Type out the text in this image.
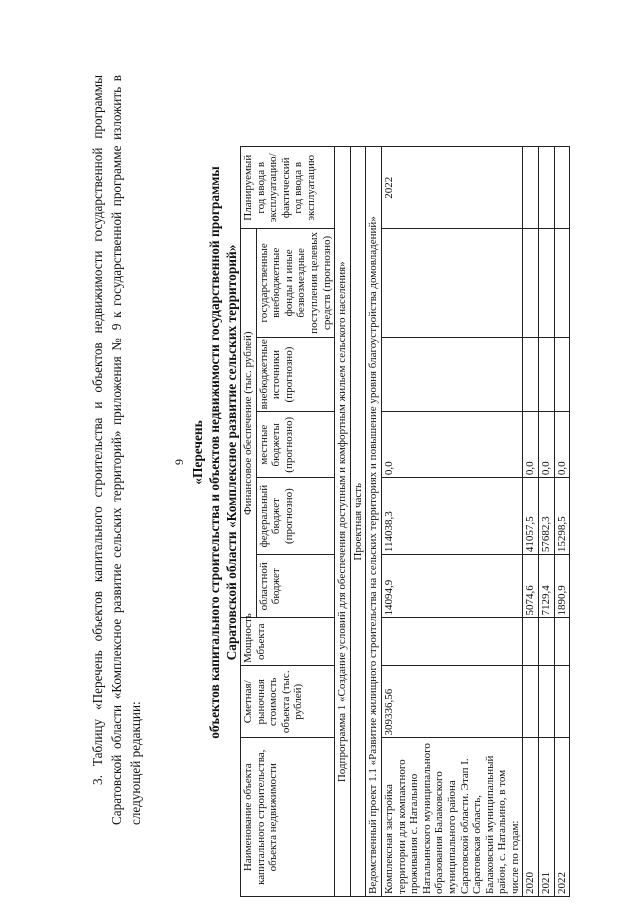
9

3. Таблицу «Перечень объектов капитального строительства и объектов недвижимости государственной программы Саратовской области «Комплексное развитие сельских территорий» приложения № 9 к государственной программе изложить в следующей редакции:

«Перечень объектов капитального строительства и объектов недвижимости государственной программы Саратовской области «Комплексное развитие сельских территорий»
Наименование объекта капитального строительства, объекта недвижимости	Сметная/ рыночная стоимость объекта (тыс. рублей)	Мощность объекта	Финансовое обеспечение (тыс. рублей)					Планируемый год ввода в эксплуатацию/ фактический год ввода в эксплуатацию	
			областной бюджет	федеральный бюджет (прогнозно)	местные бюджеты (прогнозно)	внебюджетные источники (прогнозно)	государственные внебюджетные фонды и иные безвозмездные поступления целевых средств (прогнозно)		
Подпрограмма 1 «Создание условий для обеспечения доступным и комфортным жильем сельского населения»									
Проектная часть									
Ведомственный проект 1.1 «Развитие жилищного строительства на сельских территориях и повышение уровня благоустройства домовладений»									
Комплексная застройка территории для компактного проживания с. Натальино Натальинского муниципального образования Балаковского муниципального района Саратовской области. Этап I. Саратовская область, Балаковский муниципальный район, с. Натальино, в том числе по годам:	309336,56		14094,9	114038,3	0,0			2022	
2020			5074,6	41057,5	0,0				
2021			7129,4	57682,3	0,0				
2022			1890,9	15298,5	0,0				
